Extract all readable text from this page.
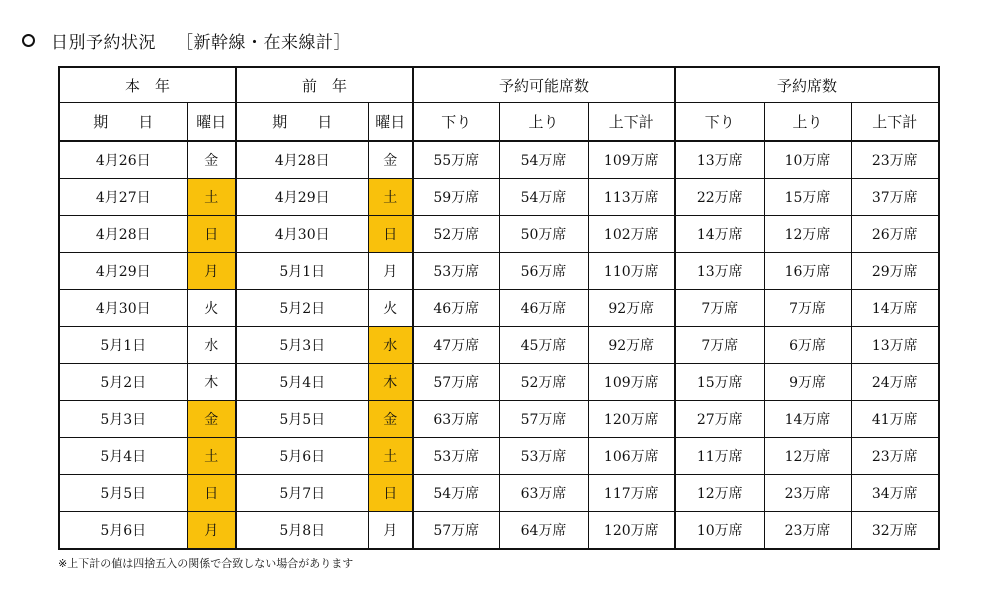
日別予約状況 ［新幹線・在来線計］
本　年		前　年		予約可能席数			予約席数		
期　　日	曜日	期　　日	曜日	下り	上り	上下計	下り	上り	上下計
4月26日	金	4月28日	金	55万席	54万席	109万席	13万席	10万席	23万席
4月27日	土	4月29日	土	59万席	54万席	113万席	22万席	15万席	37万席
4月28日	日	4月30日	日	52万席	50万席	102万席	14万席	12万席	26万席
4月29日	月	5月1日	月	53万席	56万席	110万席	13万席	16万席	29万席
4月30日	火	5月2日	火	46万席	46万席	92万席	7万席	7万席	14万席
5月1日	水	5月3日	水	47万席	45万席	92万席	7万席	6万席	13万席
5月2日	木	5月4日	木	57万席	52万席	109万席	15万席	9万席	24万席
5月3日	金	5月5日	金	63万席	57万席	120万席	27万席	14万席	41万席
5月4日	土	5月6日	土	53万席	53万席	106万席	11万席	12万席	23万席
5月5日	日	5月7日	日	54万席	63万席	117万席	12万席	23万席	34万席
5月6日	月	5月8日	月	57万席	64万席	120万席	10万席	23万席	32万席
※上下計の値は四捨五入の関係で合致しない場合があります
